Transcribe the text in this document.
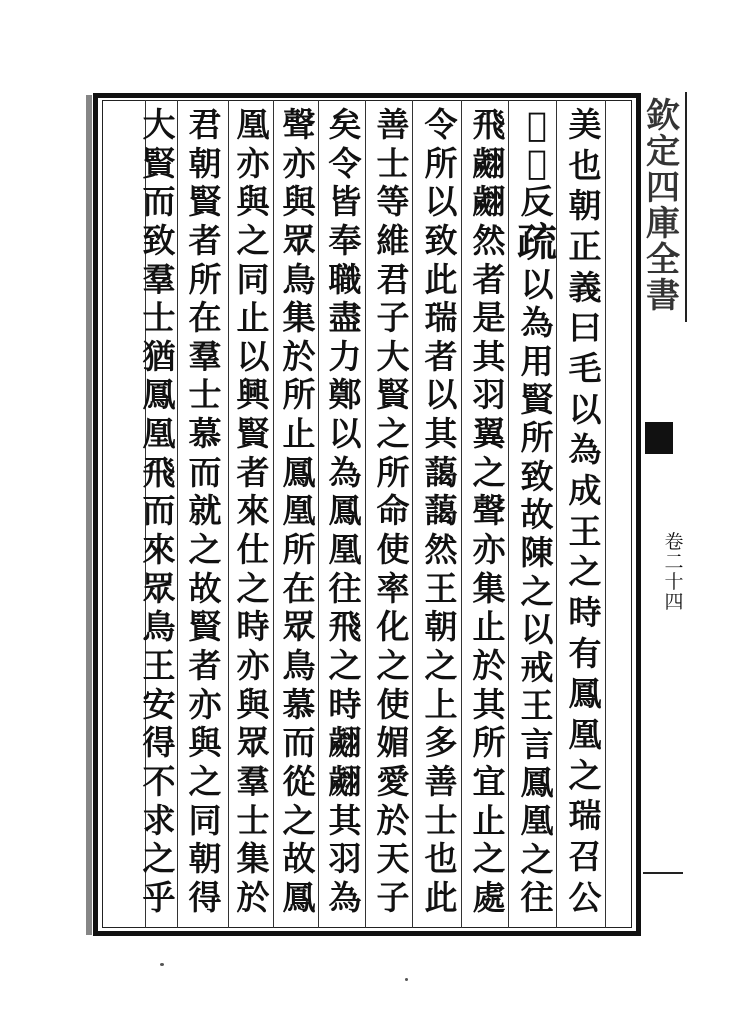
美
也
朝
正
義
曰
毛
以
為
成
王
之
時
有
鳳
凰
之
瑞
召
公
𦖵
𨗇
反
疏
以
為
用
賢
所
致
故
陳
之
以
戒
王
言
鳳
凰
之
往
飛
翽
翽
然
者
是
其
羽
翼
之
聲
亦
集
止
於
其
所
宜
止
之
處
令
所
以
致
此
瑞
者
以
其
藹
藹
然
王
朝
之
上
多
善
士
也
此
善
士
等
維
君
子
大
賢
之
所
命
使
率
化
之
使
媚
愛
於
天
子
矣
令
皆
奉
職
盡
力
鄭
以
為
鳳
凰
往
飛
之
時
翽
翽
其
羽
為
聲
亦
與
眾
鳥
集
於
所
止
鳳
凰
所
在
眾
鳥
慕
而
從
之
故
鳳
凰
亦
與
之
同
止
以
興
賢
者
來
仕
之
時
亦
與
眾
羣
士
集
於
君
朝
賢
者
所
在
羣
士
慕
而
就
之
故
賢
者
亦
與
之
同
朝
得
大
賢
而
致
羣
士
猶
鳳
凰
飛
而
來
眾
鳥
王
安
得
不
求
之
乎
欽
定
四
庫
全
書
卷
二
十
四
